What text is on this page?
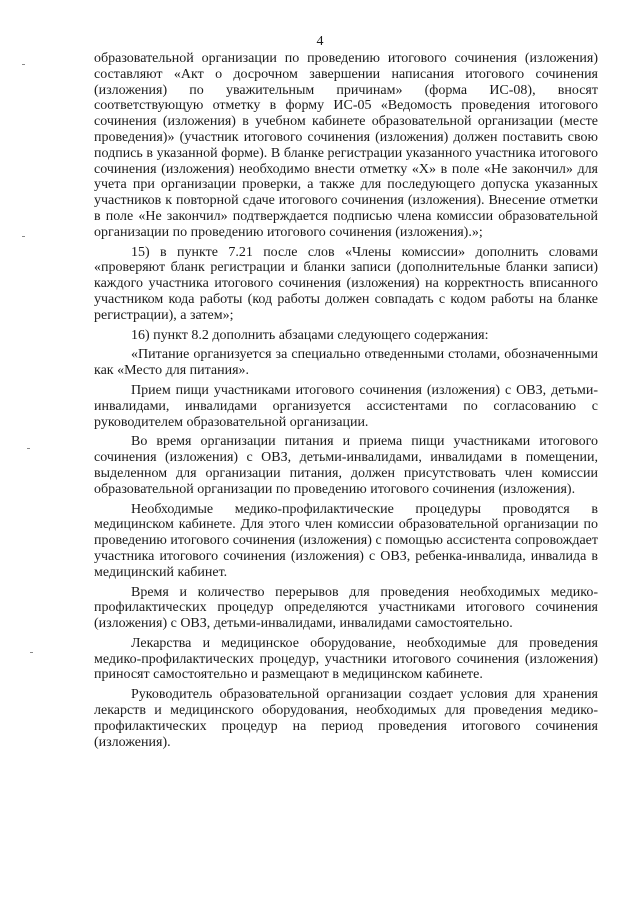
4

образовательной организации по проведению итогового сочинения (изложения) составляют «Акт о досрочном завершении написания итогового сочинения (изложения) по уважительным причинам» (форма ИС-08), вносят соответствующую отметку в форму ИС-05 «Ведомость проведения итогового сочинения (изложения) в учебном кабинете образовательной организации (месте проведения)» (участник итогового сочинения (изложения) должен поставить свою подпись в указанной форме). В бланке регистрации указанного участника итогового сочинения (изложения) необходимо внести отметку «Х» в поле «Не закончил» для учета при организации проверки, а также для последующего допуска указанных участников к повторной сдаче итогового сочинения (изложения). Внесение отметки в поле «Не закончил» подтверждается подписью члена комиссии образовательной организации по проведению итогового сочинения (изложения).»;

15) в пункте 7.21 после слов «Члены комиссии» дополнить словами «проверяют бланк регистрации и бланки записи (дополнительные бланки записи) каждого участника итогового сочинения (изложения) на корректность вписанного участником кода работы (код работы должен совпадать с кодом работы на бланке регистрации), а затем»;

16) пункт 8.2 дополнить абзацами следующего содержания:

«Питание организуется за специально отведенными столами, обозначенными как «Место для питания».

Прием пищи участниками итогового сочинения (изложения) с ОВЗ, детьми-инвалидами, инвалидами организуется ассистентами по согласованию с руководителем образовательной организации.

Во время организации питания и приема пищи участниками итогового сочинения (изложения) с ОВЗ, детьми-инвалидами, инвалидами в помещении, выделенном для организации питания, должен присутствовать член комиссии образовательной организации по проведению итогового сочинения (изложения).

Необходимые медико-профилактические процедуры проводятся в медицинском кабинете. Для этого член комиссии образовательной организации по проведению итогового сочинения (изложения) с помощью ассистента сопровождает участника итогового сочинения (изложения) с ОВЗ, ребенка-инвалида, инвалида в медицинский кабинет.

Время и количество перерывов для проведения необходимых медико-профилактических процедур определяются участниками итогового сочинения (изложения) с ОВЗ, детьми-инвалидами, инвалидами самостоятельно.

Лекарства и медицинское оборудование, необходимые для проведения медико-профилактических процедур, участники итогового сочинения (изложения) приносят самостоятельно и размещают в медицинском кабинете.

Руководитель образовательной организации создает условия для хранения лекарств и медицинского оборудования, необходимых для проведения медико-профилактических процедур на период проведения итогового сочинения (изложения).
